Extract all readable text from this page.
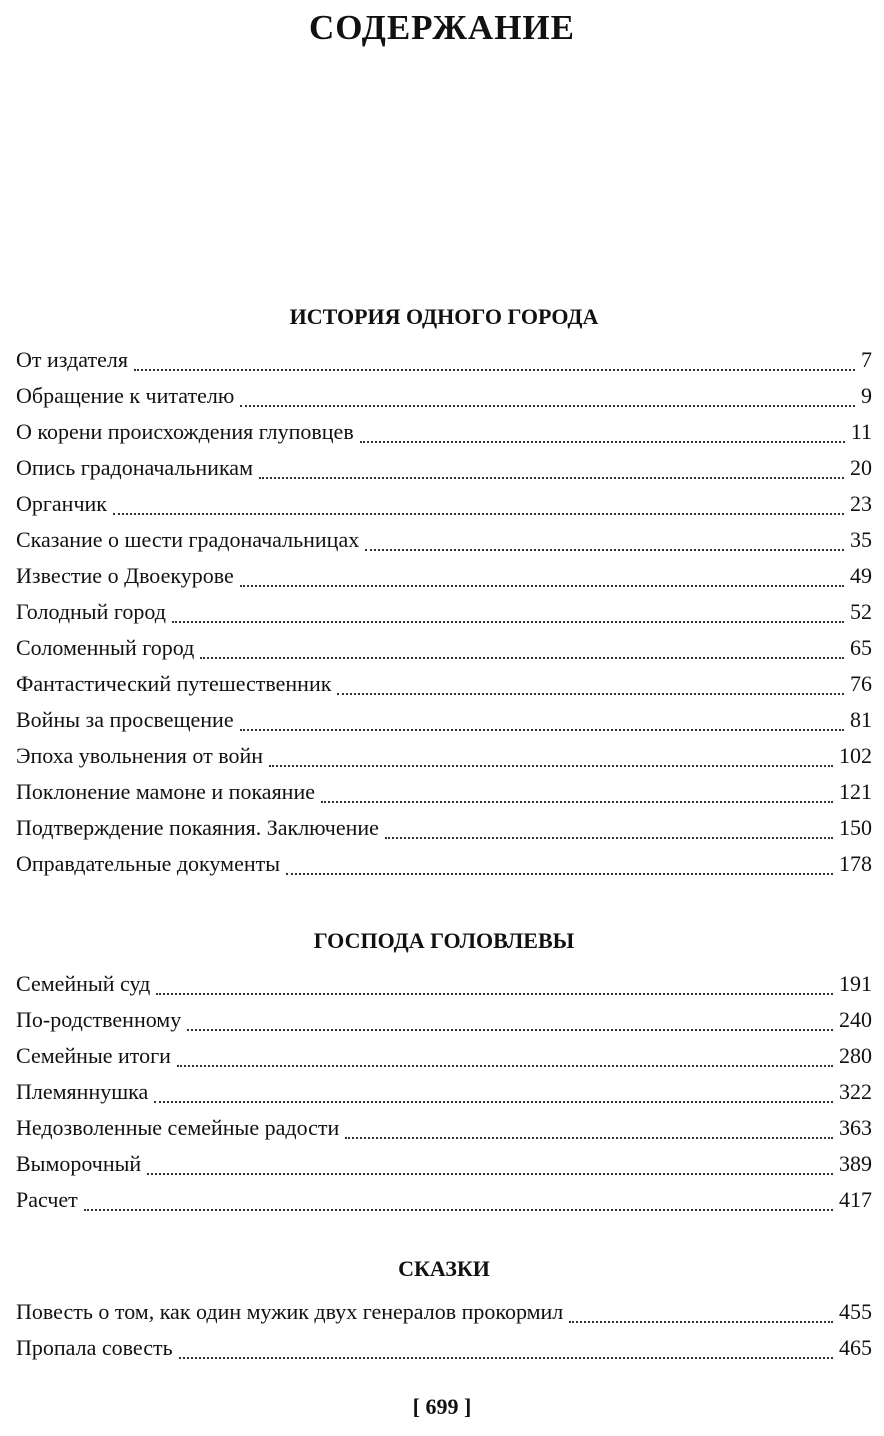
СОДЕРЖАНИЕ
ИСТОРИЯ ОДНОГО ГОРОДА
От издателя	7
Обращение к читателю	9
О корени происхождения глуповцев	11
Опись градоначальникам	20
Органчик	23
Сказание о шести градоначальницах	35
Известие о Двоекурове	49
Голодный город	52
Соломенный город	65
Фантастический путешественник	76
Войны за просвещение	81
Эпоха увольнения от войн	102
Поклонение мамоне и покаяние	121
Подтверждение покаяния. Заключение	150
Оправдательные документы	178
ГОСПОДА ГОЛОВЛЕВЫ
Семейный суд	191
По-родственному	240
Семейные итоги	280
Племяннушка	322
Недозволенные семейные радости	363
Выморочный	389
Расчет	417
СКАЗКИ
Повесть о том, как один мужик двух генералов прокормил	455
Пропала совесть	465
[ 699 ]
